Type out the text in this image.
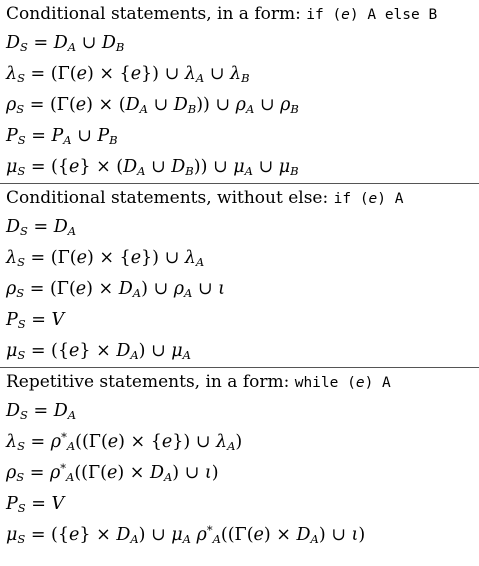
Conditional statements, in a form: if (e) A else B
$D_S = D_A$ ∪ $D_B$
$\lambda_S = (\Gamma(e) \times \{e\})$ ∪ $\lambda_A$ ∪ $\lambda_B$
$\rho_S = (\Gamma(e) \times (D_A$ ∪ $D_B$)) ∪ $\rho_A$ ∪ $\rho_B$
$P_S = P_A$ ∪ $P_B$
$\mu_S = (\{e\} \times (D_A$ ∪ $D_B$)) ∪ $\mu_A$ ∪ $\mu_B$
Conditional statements, without else: if (e) A
$D_S = D_A$
$\lambda_S = (\Gamma(e) \times \{e\})$ ∪ $\lambda_A$
$\rho_S = (\Gamma(e) \times D_A)$ ∪ $\rho_A$ ∪ ι
$P_S = V$
$\mu_S = (\{e\} \times D_A)$ ∪ $\mu_A$
Repetitive statements, in a form: while (e) A
$D_S = D_A$
$\lambda_S = \rho^*_A((\Gamma(e) \times \{e\})$ ∪ $\lambda_A$)
$\rho_S = \rho^*_A((\Gamma(e) \times D_A)$ ∪ ι)
$P_S = V$
$\mu_S = (\{e\} \times D_A)$ ∪ $\mu_A$ $\rho^*_A((\Gamma(e) \times D_A)$ ∪ ι)
